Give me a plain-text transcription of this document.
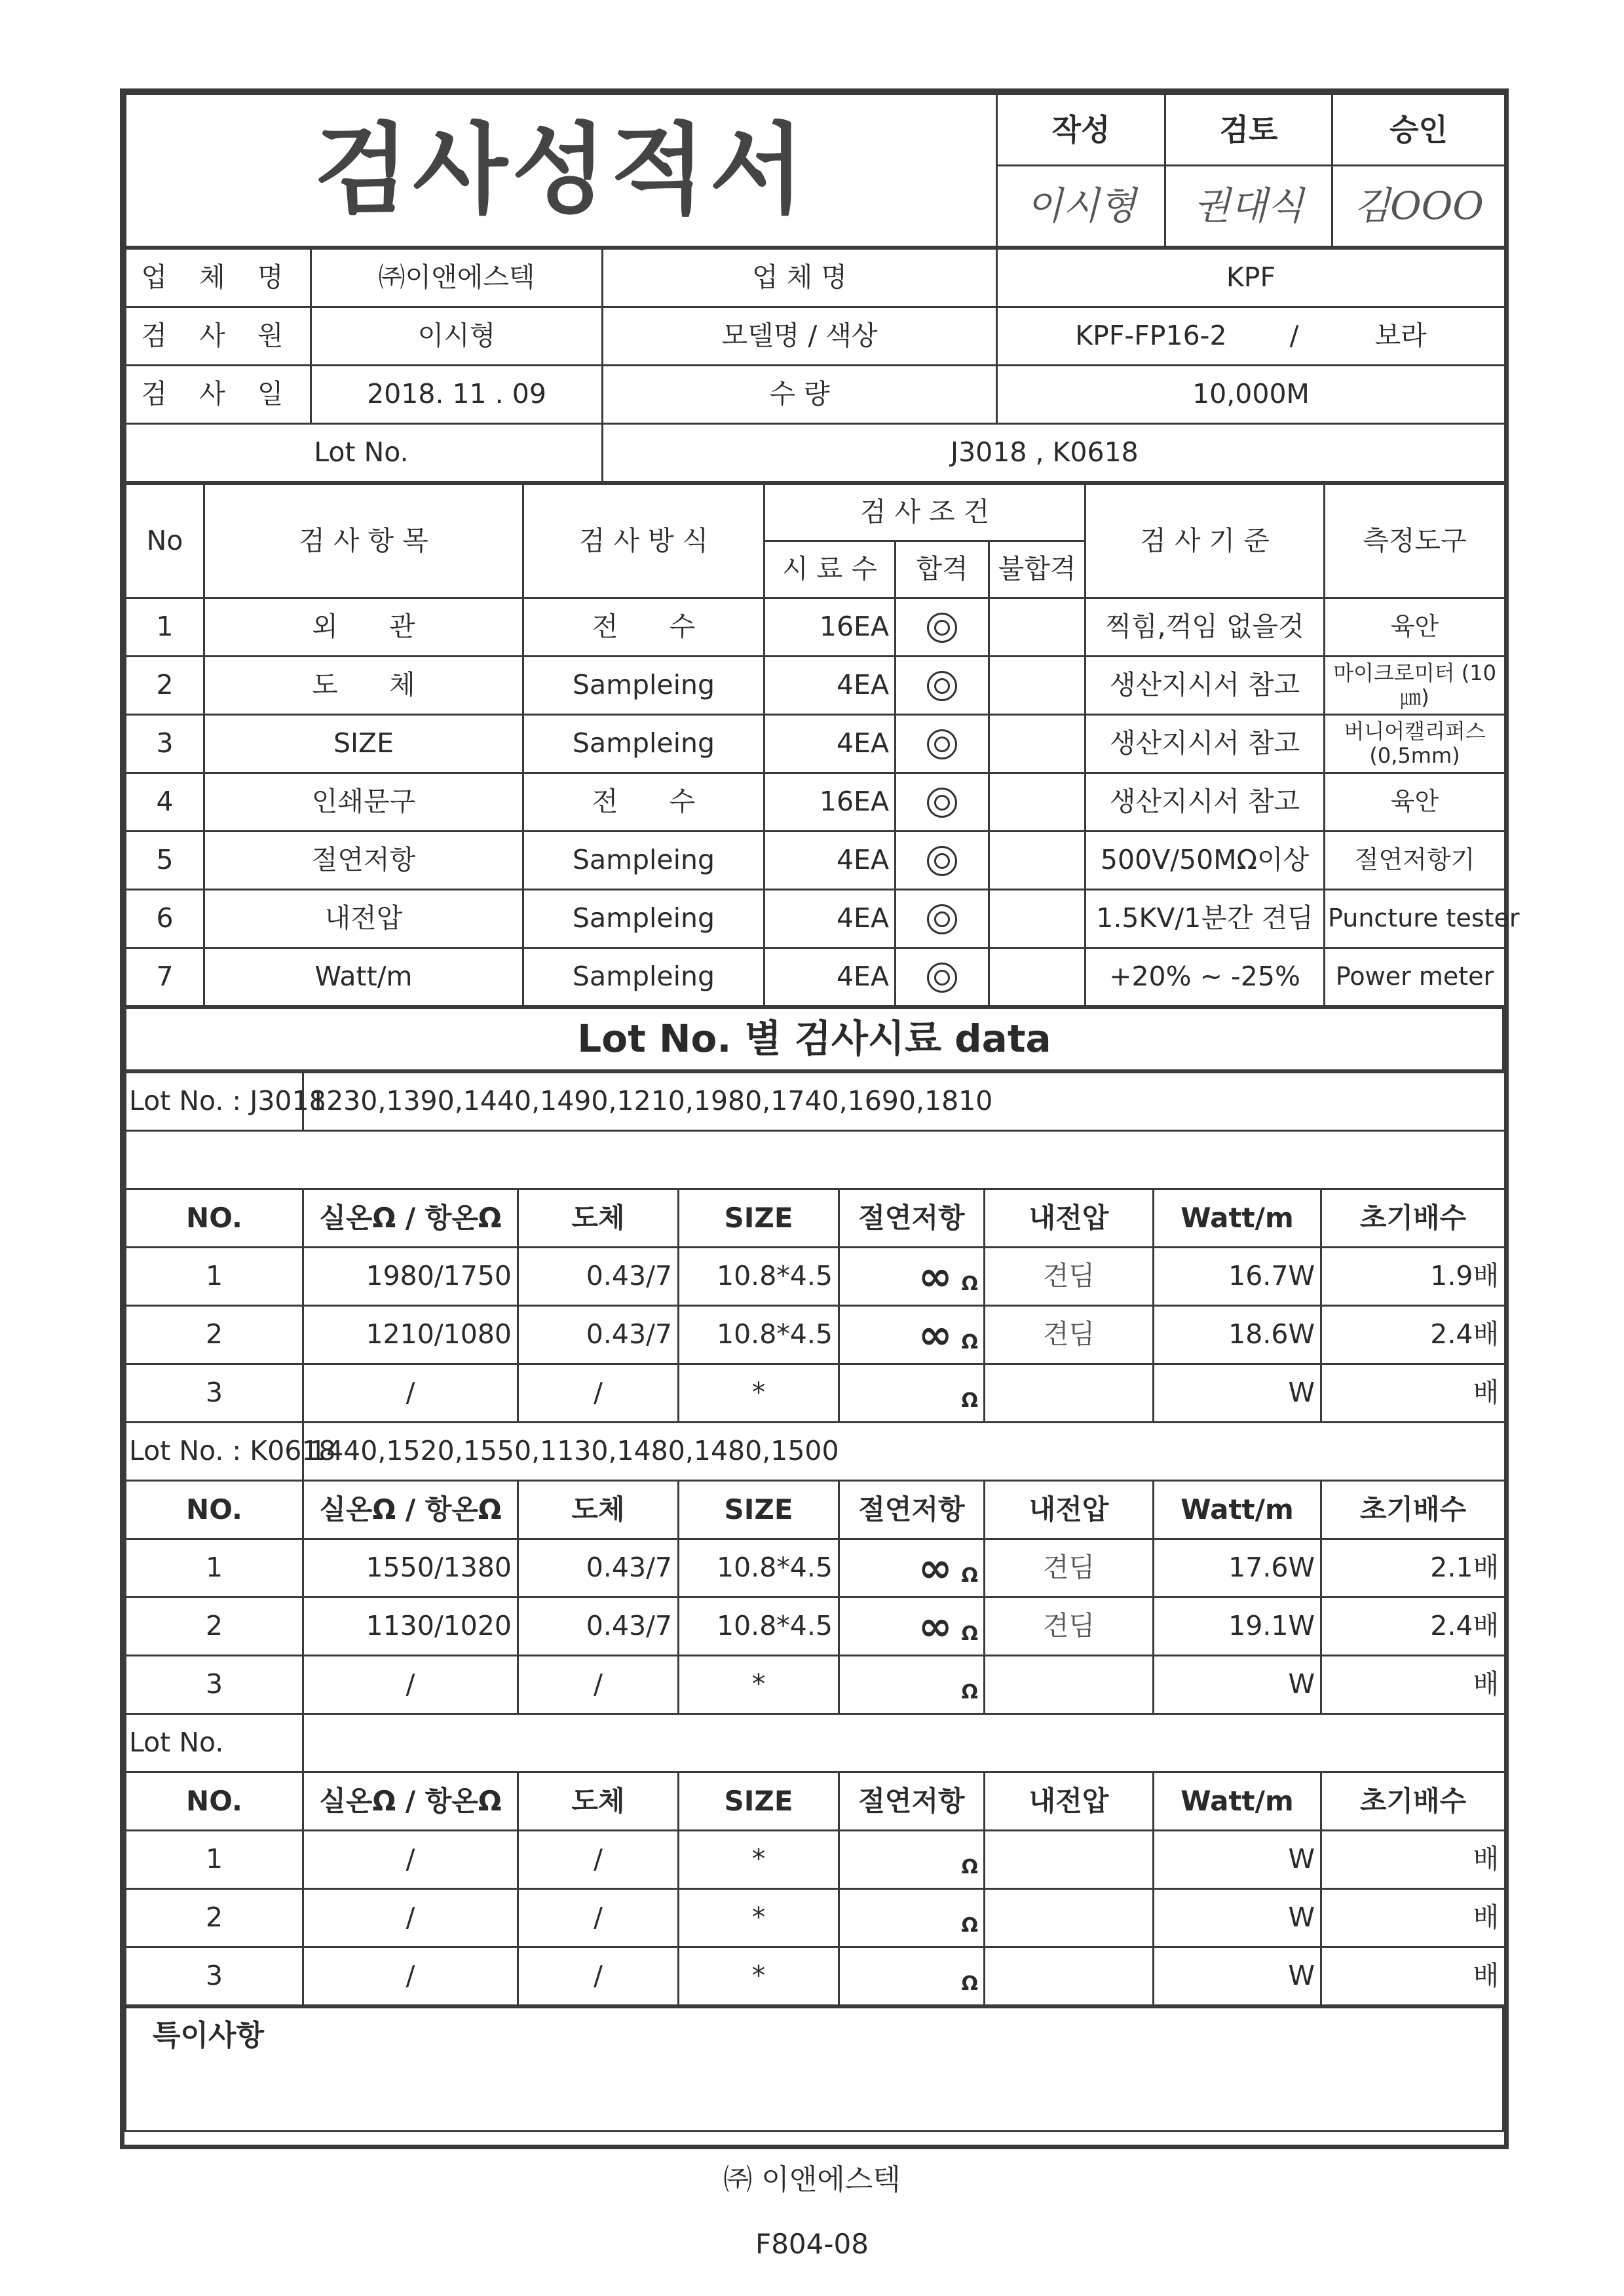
검사성적서	작성	검토	승인
	이시형	권대식	김OOO
업 체 명	㈜이앤에스텍	업 체 명	KPF
검 사 원	이시형	모델명 / 색상	KPF-FP16-2 / 보라
검 사 일	2018. 11 . 09	수 량	10,000M
Lot No.		J3018 , K0618	
No	검 사 항 목	검 사 방 식	검 사 조 건			검 사 기 준	측정도구
			시 료 수	합격	불합격		
1	외      관	전      수	16EA			찍힘,꺽임 없을것	육안
2	도      체	Sampleing	4EA			생산지시서 참고	마이크로미터 (10㎛)
3	SIZE	Sampleing	4EA			생산지시서 참고	버니어캘리퍼스 (0,5mm)
4	인쇄문구	전      수	16EA			생산지시서 참고	육안
5	절연저항	Sampleing	4EA			500V/50MΩ이상	절연저항기
6	내전압	Sampleing	4EA			1.5KV/1분간 견딤	Puncture tester
7	Watt/m	Sampleing	4EA			+20% ~ -25%	Power meter
Lot No. 별 검사시료 data
Lot No. : J3018	1230,1390,1440,1490,1210,1980,1740,1690,1810						

NO.	실온Ω / 항온Ω	도체	SIZE	절연저항	내전압	Watt/m	초기배수
1	1980/1750	0.43/7	10.8*4.5	∞ Ω	견딤	16.7W	1.9배
2	1210/1080	0.43/7	10.8*4.5	∞ Ω	견딤	18.6W	2.4배
3	/	/	*	Ω		W	배
Lot No. : K0618	1440,1520,1550,1130,1480,1480,1500						
NO.	실온Ω / 항온Ω	도체	SIZE	절연저항	내전압	Watt/m	초기배수
1	1550/1380	0.43/7	10.8*4.5	∞ Ω	견딤	17.6W	2.1배
2	1130/1020	0.43/7	10.8*4.5	∞ Ω	견딤	19.1W	2.4배
3	/	/	*	Ω		W	배
Lot No.							
NO.	실온Ω / 항온Ω	도체	SIZE	절연저항	내전압	Watt/m	초기배수
1	/	/	*	Ω		W	배
2	/	/	*	Ω		W	배
3	/	/	*	Ω		W	배
특이사항
㈜ 이앤에스텍
F804-08
